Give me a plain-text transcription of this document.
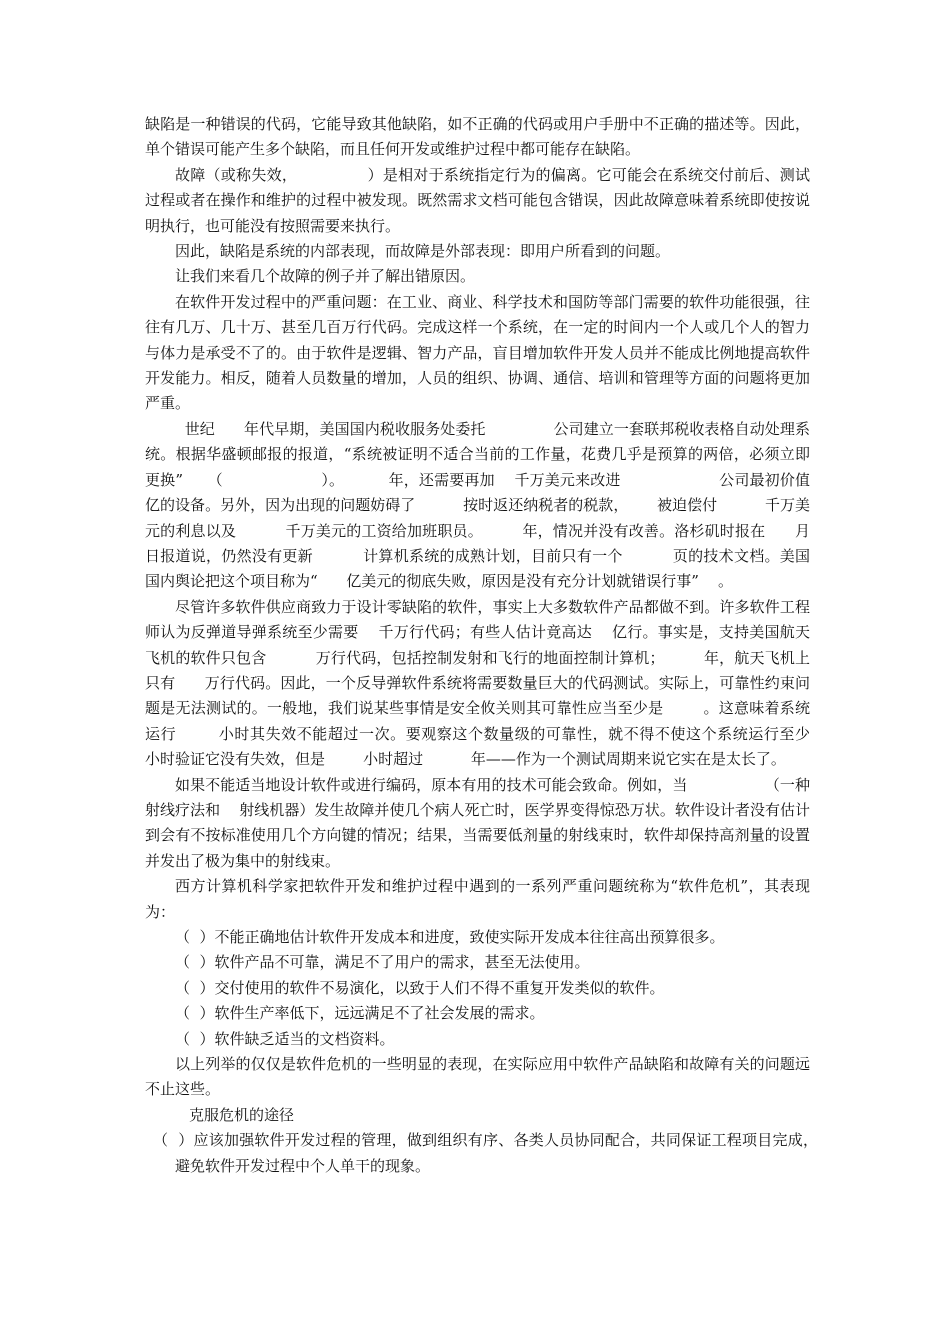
缺陷是一种错误的代码，它能导致其他缺陷，如不正确的代码或用户手册中不正确的描述等。因此，单个错误可能产生多个缺陷，而且任何开发或维护过程中都可能存在缺陷。

故障（或称失效，              ）是相对于系统指定行为的偏离。它可能会在系统交付前后、测试过程或者在操作和维护的过程中被发现。既然需求文档可能包含错误，因此故障意味着系统即使按说明执行，也可能没有按照需要来执行。

因此，缺陷是系统的内部表现，而故障是外部表现：即用户所看到的问题。

让我们来看几个故障的例子并了解出错原因。

在软件开发过程中的严重问题：在工业、商业、科学技术和国防等部门需要的软件功能很强，往往有几万、几十万、甚至几百万行代码。完成这样一个系统，在一定的时间内一个人或几个人的智力与体力是承受不了的。由于软件是逻辑、智力产品，盲目增加软件开发人员并不能成比例地提高软件开发能力。相反，随着人员数量的增加，人员的组织、协调、通信、培训和管理等方面的问题将更加严重。

世纪      年代早期，美国国内税收服务处委托              公司建立一套联邦税收表格自动处理系统。根据华盛顿邮报的报道，“系统被证明不适合当前的工作量，花费几乎是预算的两倍，必须立即更换”     （                    ）。         年，还需要再加    千万美元来改进                    公司最初价值          亿的设备。另外，因为出现的问题妨碍了          按时返还纳税者的税款，      被迫偿付          千万美元的利息以及          千万美元的工资给加班职员。        年，情况并没有改善。洛杉矶时报在      月      日报道说，仍然没有更新          计算机系统的成熟计划，目前只有一个          页的技术文档。美国国内舆论把这个项目称为“      亿美元的彻底失败，原因是没有充分计划就错误行事”    。

尽管许多软件供应商致力于设计零缺陷的软件，事实上大多数软件产品都做不到。许多软件工程师认为反弹道导弹系统至少需要    千万行代码；有些人估计竟高达    亿行。事实是，支持美国航天飞机的软件只包含          万行代码，包括控制发射和飞行的地面控制计算机；        年，航天飞机上只有      万行代码。因此，一个反导弹软件系统将需要数量巨大的代码测试。实际上，可靠性约束问题是无法测试的。一般地，我们说某些事情是安全攸关则其可靠性应当至少是        。这意味着系统运行        小时其失效不能超过一次。要观察这个数量级的可靠性，就不得不使这个系统运行至少        小时验证它没有失效，但是        小时超过          年——作为一个测试周期来说它实在是太长了。

如果不能适当地设计软件或进行编码，原本有用的技术可能会致命。例如，当                （一种射线疗法和    射线机器）发生故障并使几个病人死亡时，医学界变得惊恐万状。软件设计者没有估计到会有不按标准使用几个方向键的情况；结果，当需要低剂量的射线束时，软件却保持高剂量的设置并发出了极为集中的射线束。

西方计算机科学家把软件开发和维护过程中遇到的一系列严重问题统称为“软件危机”，其表现为：

（  ）不能正确地估计软件开发成本和进度，致使实际开发成本往往高出预算很多。

（  ）软件产品不可靠，满足不了用户的需求，甚至无法使用。

（  ）交付使用的软件不易演化，以致于人们不得不重复开发类似的软件。

（  ）软件生产率低下，远远满足不了社会发展的需求。

（  ）软件缺乏适当的文档资料。

以上列举的仅仅是软件危机的一些明显的表现，在实际应用中软件产品缺陷和故障有关的问题远不止这些。

克服危机的途径

（  ）应该加强软件开发过程的管理，做到组织有序、各类人员协同配合，共同保证工程项目完成，避免软件开发过程中个人单干的现象。
